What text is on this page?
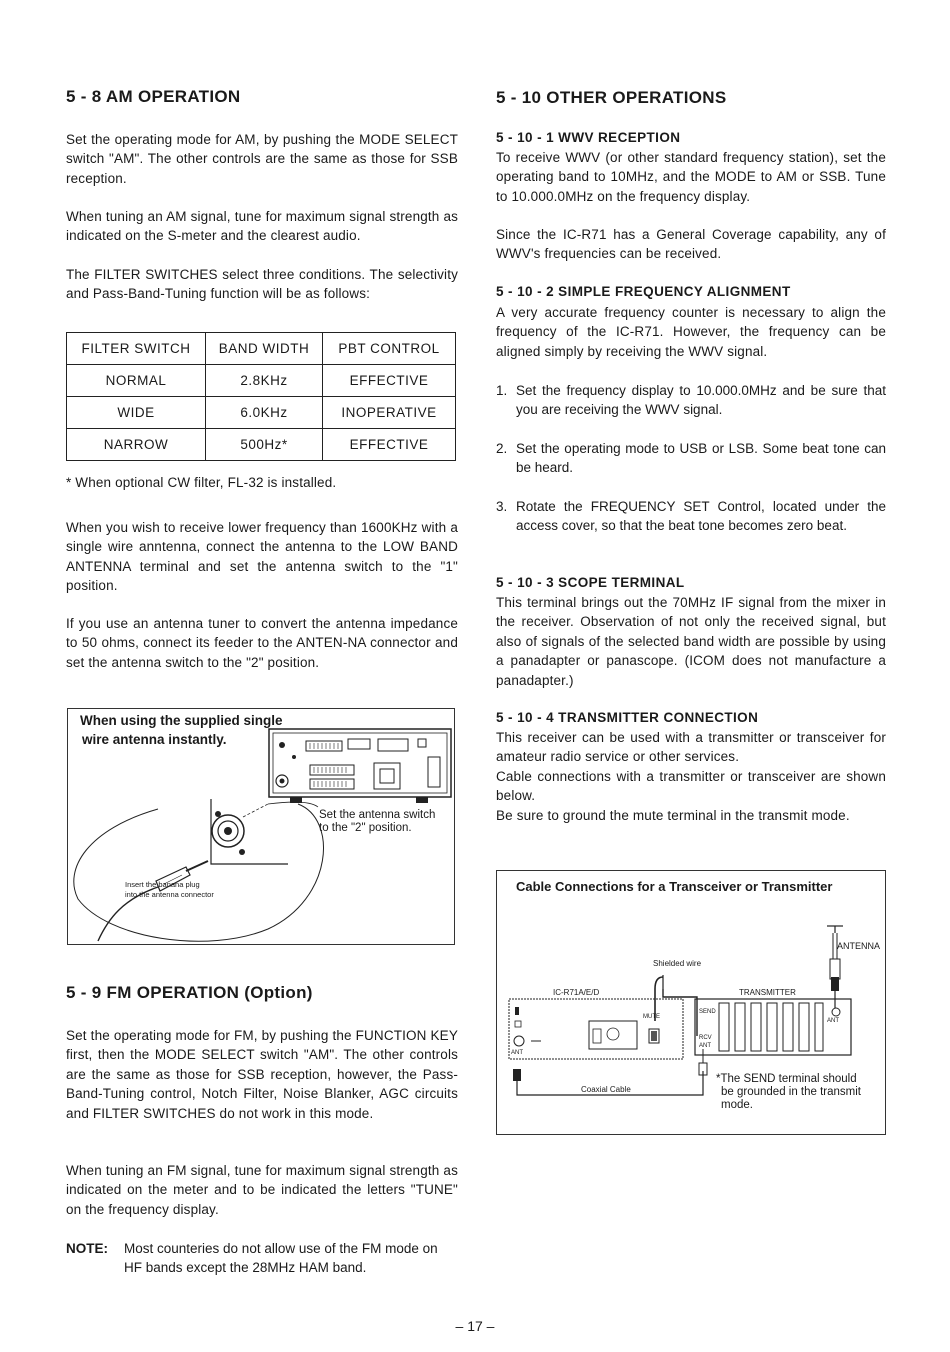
5 - 8 AM OPERATION

Set the operating mode for AM, by pushing the MODE SELECT switch "AM". The other controls are the same as those for SSB reception.

When tuning an AM signal, tune for maximum signal strength as indicated on the S-meter and the clearest audio.

The FILTER SWITCHES select three conditions. The selectivity and Pass-Band-Tuning function will be as follows:

FILTER SWITCH	BAND WIDTH	PBT CONTROL
NORMAL	2.8KHz	EFFECTIVE
WIDE	6.0KHz	INOPERATIVE
NARROW	500Hz*	EFFECTIVE
* When optional CW filter, FL-32 is installed.

When you wish to receive lower frequency than 1600KHz with a single wire anntenna, connect the antenna to the LOW BAND ANTENNA terminal and set the antenna switch to the "1" position.

If you use an antenna tuner to convert the antenna impedance to 50 ohms, connect its feeder to the ANTEN-NA connector and set the antenna switch to the "2" position.

When using the supplied single
wire antenna instantly.
Set the antenna switch
to the "2" position.
Insert the banana plug
into the antenna connector
5 - 9 FM OPERATION (Option)

Set the operating mode for FM, by pushing the FUNCTION KEY first, then the MODE SELECT switch "AM". The other controls are the same as those for SSB reception, however, the Pass-Band-Tuning control, Notch Filter, Noise Blanker, AGC circuits and FILTER SWITCHES do not work in this mode.

When tuning an FM signal, tune for maximum signal strength as indicated on the meter and to be indicated the letters "TUNE" on the frequency display.

NOTE: Most counteries do not allow use of the FM mode on HF bands except the 28MHz HAM band.
5 - 10 OTHER OPERATIONS
5 - 10 - 1 WWV RECEPTION

To receive WWV (or other standard frequency station), set the operating band to 10MHz, and the MODE to AM or SSB. Tune to 10.000.0MHz on the frequency display.

Since the IC-R71 has a General Coverage capability, any of WWV's frequencies can be received.

5 - 10 - 2 SIMPLE FREQUENCY ALIGNMENT

A very accurate frequency counter is necessary to align the frequency of the IC-R71. However, the frequency can be aligned simply by receiving the WWV signal.

1. Set the frequency display to 10.000.0MHz and be sure that you are receiving the WWV signal.
2. Set the operating mode to USB or LSB. Some beat tone can be heard.
3. Rotate the FREQUENCY SET Control, located under the access cover, so that the beat tone becomes zero beat.
5 - 10 - 3 SCOPE TERMINAL

This terminal brings out the 70MHz IF signal from the mixer in the receiver. Observation of not only the received signal, but also of signals of the selected band width are possible by using a panadapter or panascope. (ICOM does not manufacture a panadapter.)

5 - 10 - 4 TRANSMITTER CONNECTION

This receiver can be used with a transmitter or transceiver for amateur radio service or other services.

Cable connections with a transmitter or transceiver are shown below.

Be sure to ground the mute terminal in the transmit mode.

Cable Connections for a Transceiver or Transmitter
ANTENNA
Shielded wire
IC-R71A/E/D	TRANSMITTER
MUTE
ANT
SEND
RCV
ANT
ANT
Coaxial Cable
*The SEND terminal should
be grounded in the transmit
mode.
– 17 –
